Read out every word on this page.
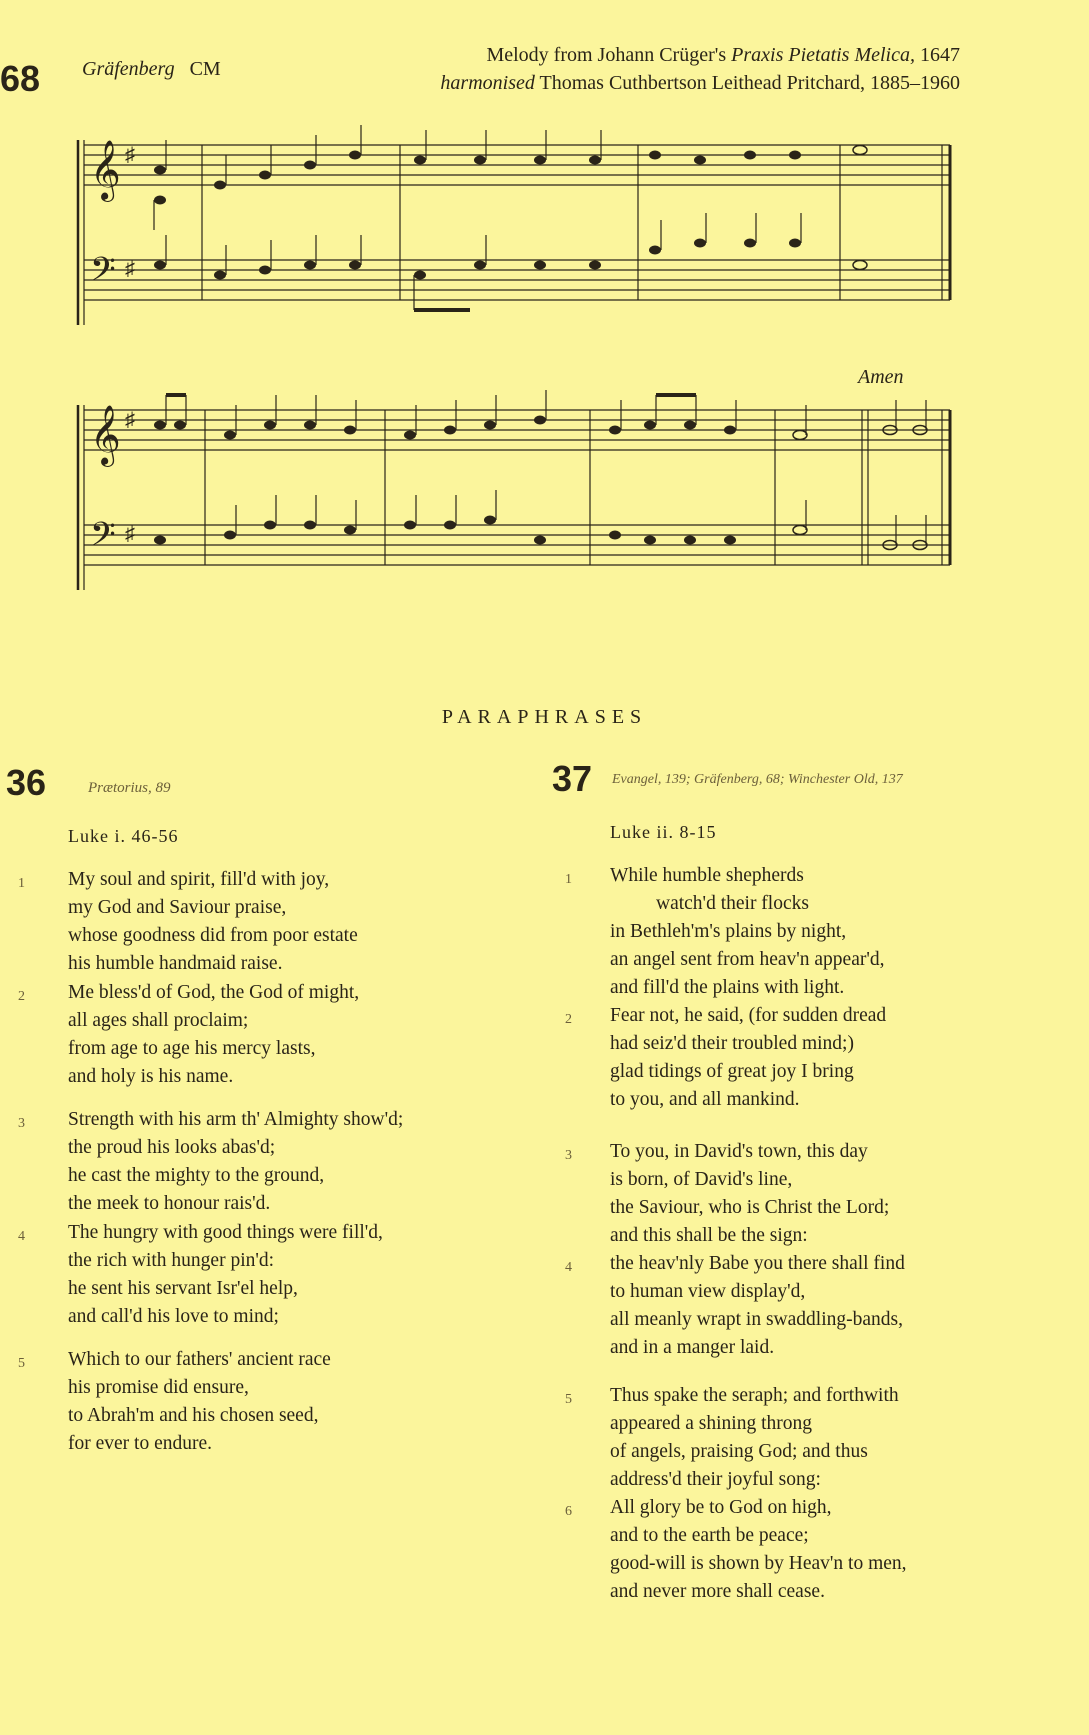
68 Gräfenberg CM
Melody from Johann Crüger's Praxis Pietatis Melica, 1647
harmonised Thomas Cuthbertson Leithead Pritchard, 1885–1960
𝄞
𝄢
♯
♯
𝄞
𝄢
♯
♯
Amen
PARAPHRASES
36	Prætorius, 89
Luke i. 46-56
1 My soul and spirit, fill'd with joy,
my God and Saviour praise,
whose goodness did from poor estate
his humble handmaid raise.
2 Me bless'd of God, the God of might,
all ages shall proclaim;
from age to age his mercy lasts,
and holy is his name.
3 Strength with his arm th' Almighty show'd;
the proud his looks abas'd;
he cast the mighty to the ground,
the meek to honour rais'd.
4 The hungry with good things were fill'd,
the rich with hunger pin'd:
he sent his servant Isr'el help,
and call'd his love to mind;
5 Which to our fathers' ancient race
his promise did ensure,
to Abrah'm and his chosen seed,
for ever to endure.
37 Evangel, 139; Gräfenberg, 68; Winchester Old, 137
Luke ii. 8-15
1 While humble shepherds
watch'd their flocks
in Bethleh'm's plains by night,
an angel sent from heav'n appear'd,
and fill'd the plains with light.
2 Fear not, he said, (for sudden dread
had seiz'd their troubled mind;)
glad tidings of great joy I bring
to you, and all mankind.
3 To you, in David's town, this day
is born, of David's line,
the Saviour, who is Christ the Lord;
and this shall be the sign:
4 the heav'nly Babe you there shall find
to human view display'd,
all meanly wrapt in swaddling-bands,
and in a manger laid.
5 Thus spake the seraph; and forthwith
appeared a shining throng
of angels, praising God; and thus
address'd their joyful song:
6 All glory be to God on high,
and to the earth be peace;
good-will is shown by Heav'n to men,
and never more shall cease.
